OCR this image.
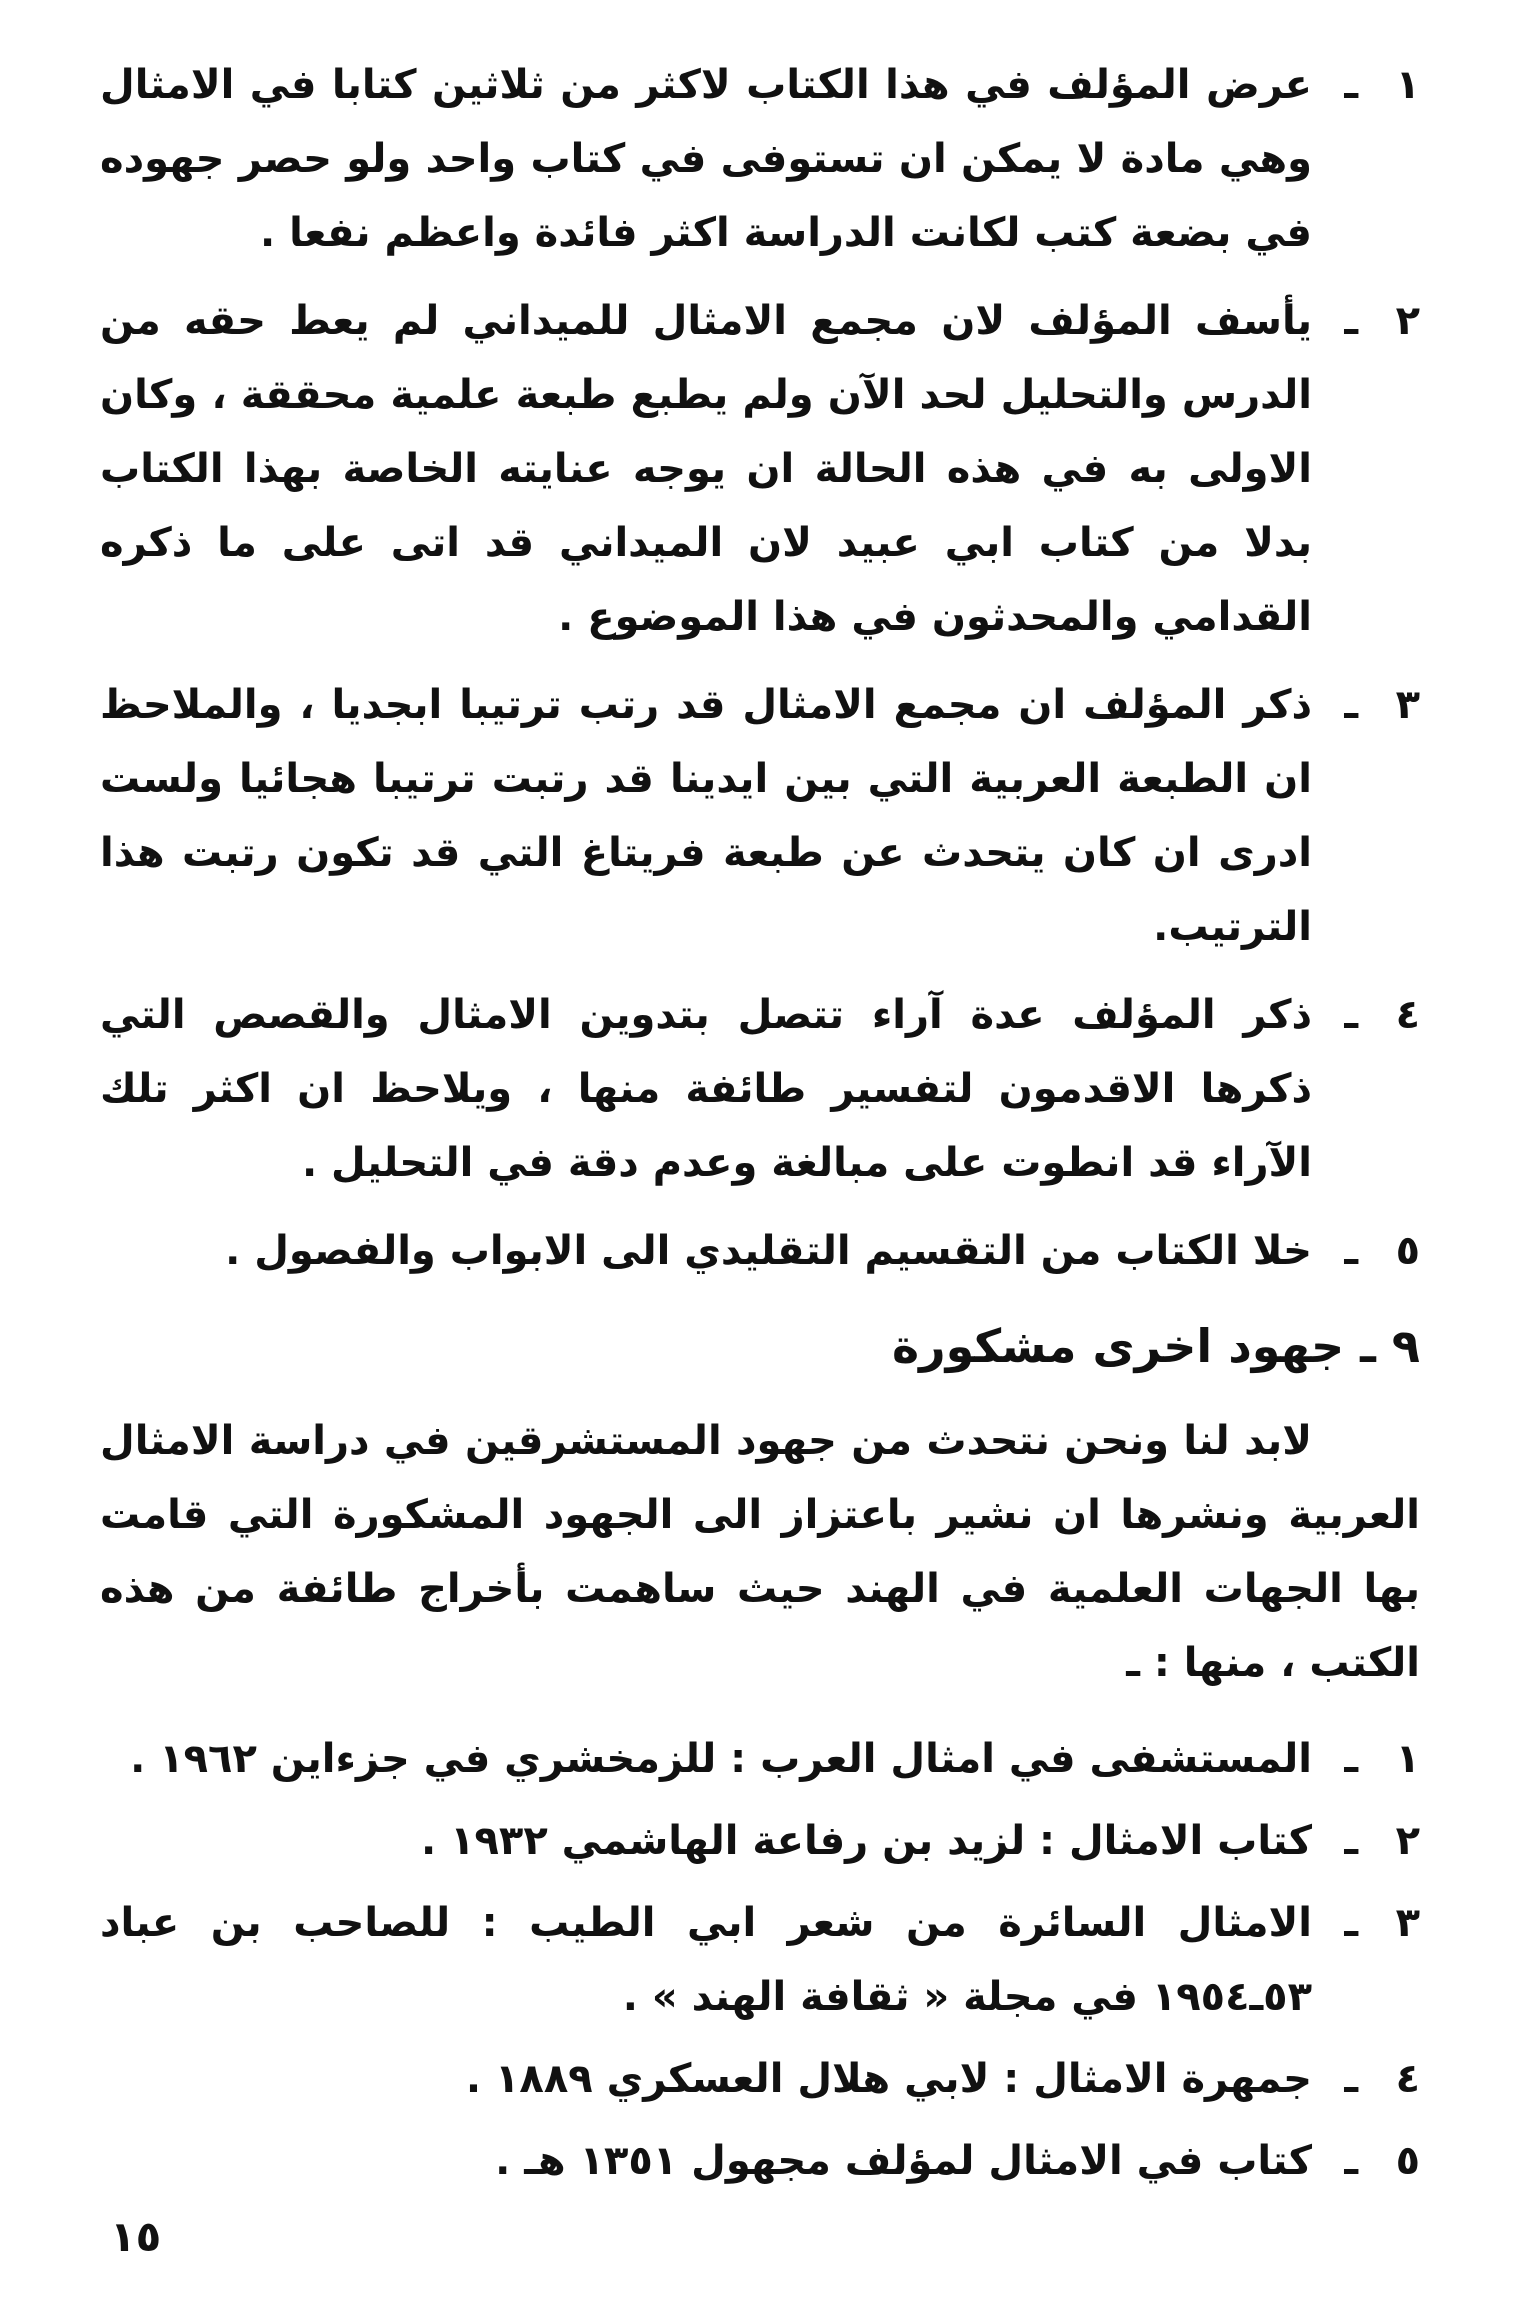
١
ـ
عرض المؤلف في هذا الكتاب لاكثر من ثلاثين كتابا في الامثال وهي مادة لا يمكن ان تستوفى في كتاب واحد ولو حصر جهوده في بضعة كتب لكانت الدراسة اكثر فائدة واعظم نفعا .
٢
ـ
يأسف المؤلف لان مجمع الامثال للميداني لم يعط حقه من الدرس والتحليل لحد الآن ولم يطبع طبعة علمية محققة ، وكان الاولى به في هذه الحالة ان يوجه عنايته الخاصة بهذا الكتاب بدلا من كتاب ابي عبيد لان الميداني قد اتى على ما ذكره القدامي والمحدثون في هذا الموضوع .
٣
ـ
ذكر المؤلف ان مجمع الامثال قد رتب ترتيبا ابجديا ، والملاحظ ان الطبعة العربية التي بين ايدينا قد رتبت ترتيبا هجائيا ولست ادرى ان كان يتحدث عن طبعة فريتاغ التي قد تكون رتبت هذا الترتيب.
٤
ـ
ذكر المؤلف عدة آراء تتصل بتدوين الامثال والقصص التي ذكرها الاقدمون لتفسير طائفة منها ، ويلاحظ ان اكثر تلك الآراء قد انطوت على مبالغة وعدم دقة في التحليل .
٥
ـ
خلا الكتاب من التقسيم التقليدي الى الابواب والفصول .
٩ ـ جهود اخرى مشكورة
لابد لنا ونحن نتحدث من جهود المستشرقين في دراسة الامثال العربية ونشرها ان نشير باعتزاز الى الجهود المشكورة التي قامت بها الجهات العلمية في الهند حيث ساهمت بأخراج طائفة من هذه الكتب ، منها : ـ
١
ـ
المستشفى في امثال العرب : للزمخشري في جزءاين ١٩٦٢ .
٢
ـ
كتاب الامثال : لزيد بن رفاعة الهاشمي ١٩٣٢ .
٣
ـ
الامثال السائرة من شعر ابي الطيب : للصاحب بن عباد ٥٣ـ١٩٥٤ في مجلة « ثقافة الهند » .
٤
ـ
جمهرة الامثال : لابي هلال العسكري ١٨٨٩ .
٥
ـ
كتاب في الامثال لمؤلف مجهول ١٣٥١ هـ .
١٥
